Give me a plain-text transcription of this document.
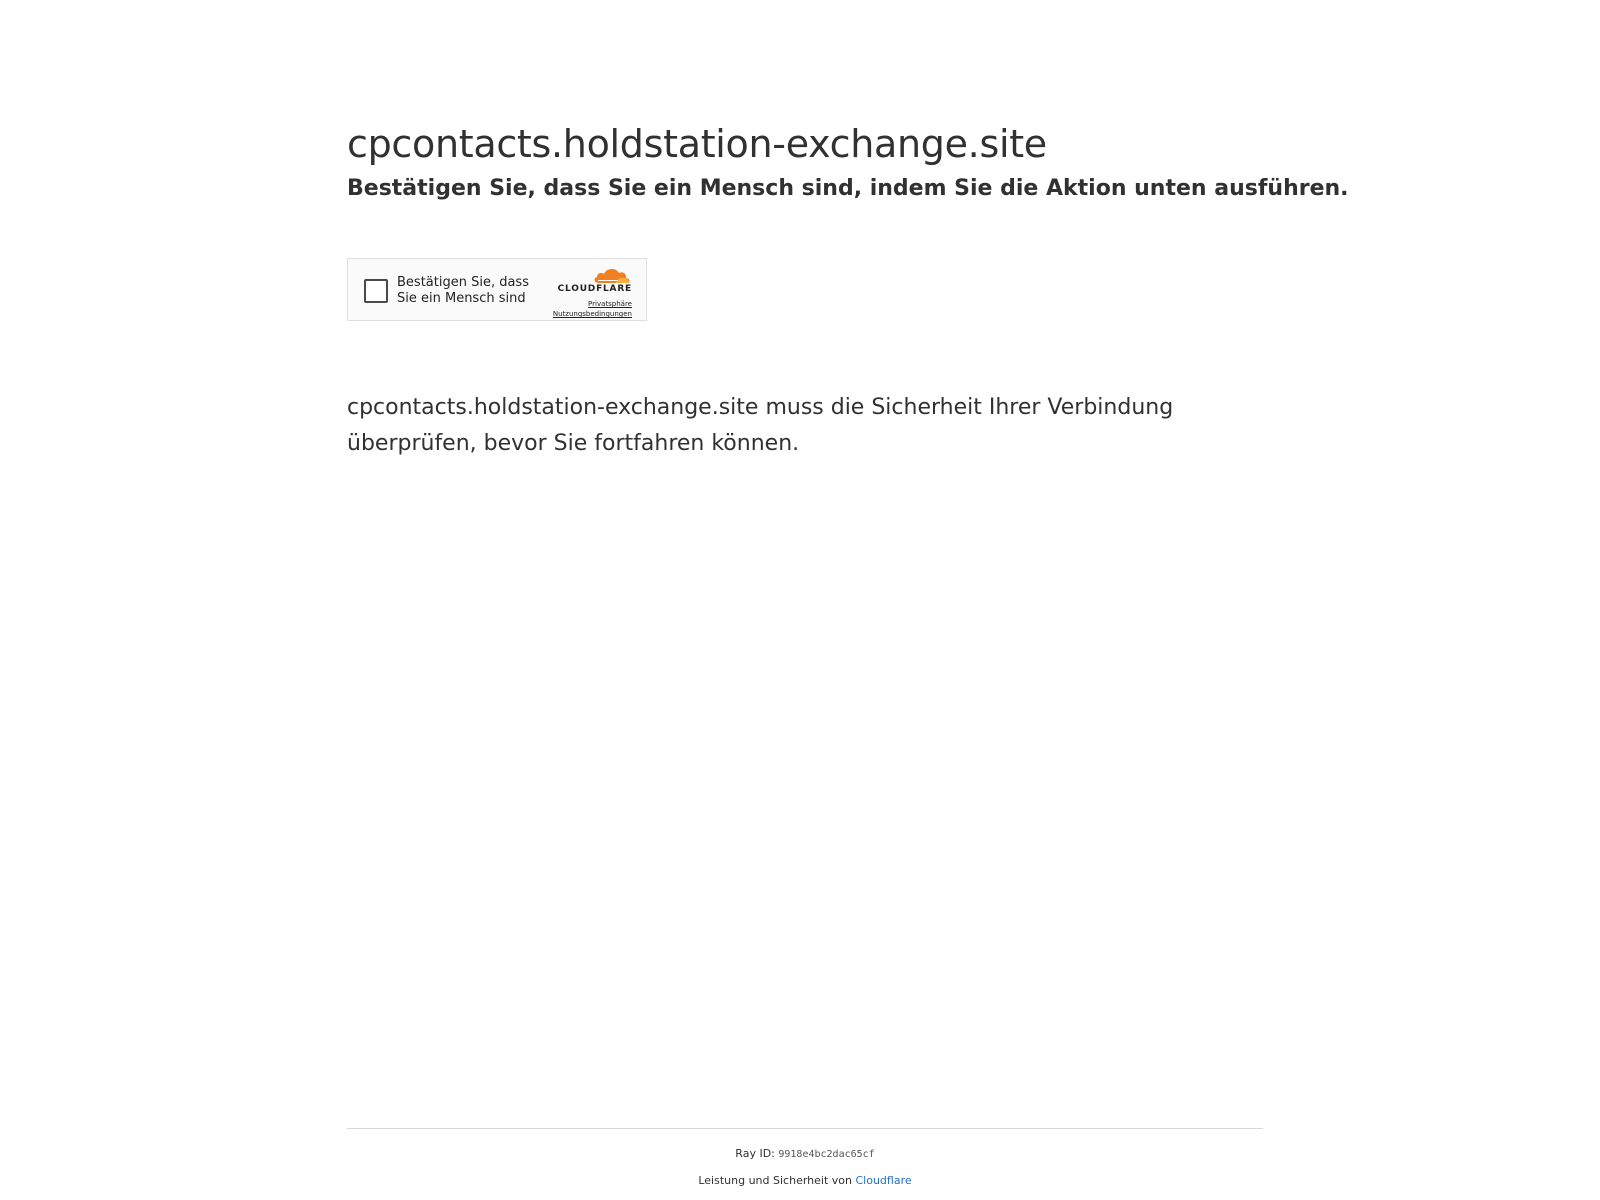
cpcontacts.holdstation-exchange.site
Bestätigen Sie, dass Sie ein Mensch sind, indem Sie die Aktion unten ausführen.
Bestätigen Sie, dass Sie ein Mensch sind
CLOUDFLARE
Privatsphäre
Nutzungsbedingungen

cpcontacts.holdstation-exchange.site muss die Sicherheit Ihrer Verbindung überprüfen, bevor Sie fortfahren können.

Ray ID: 9918e4bc2dac65cf
Leistung und Sicherheit von Cloudflare
